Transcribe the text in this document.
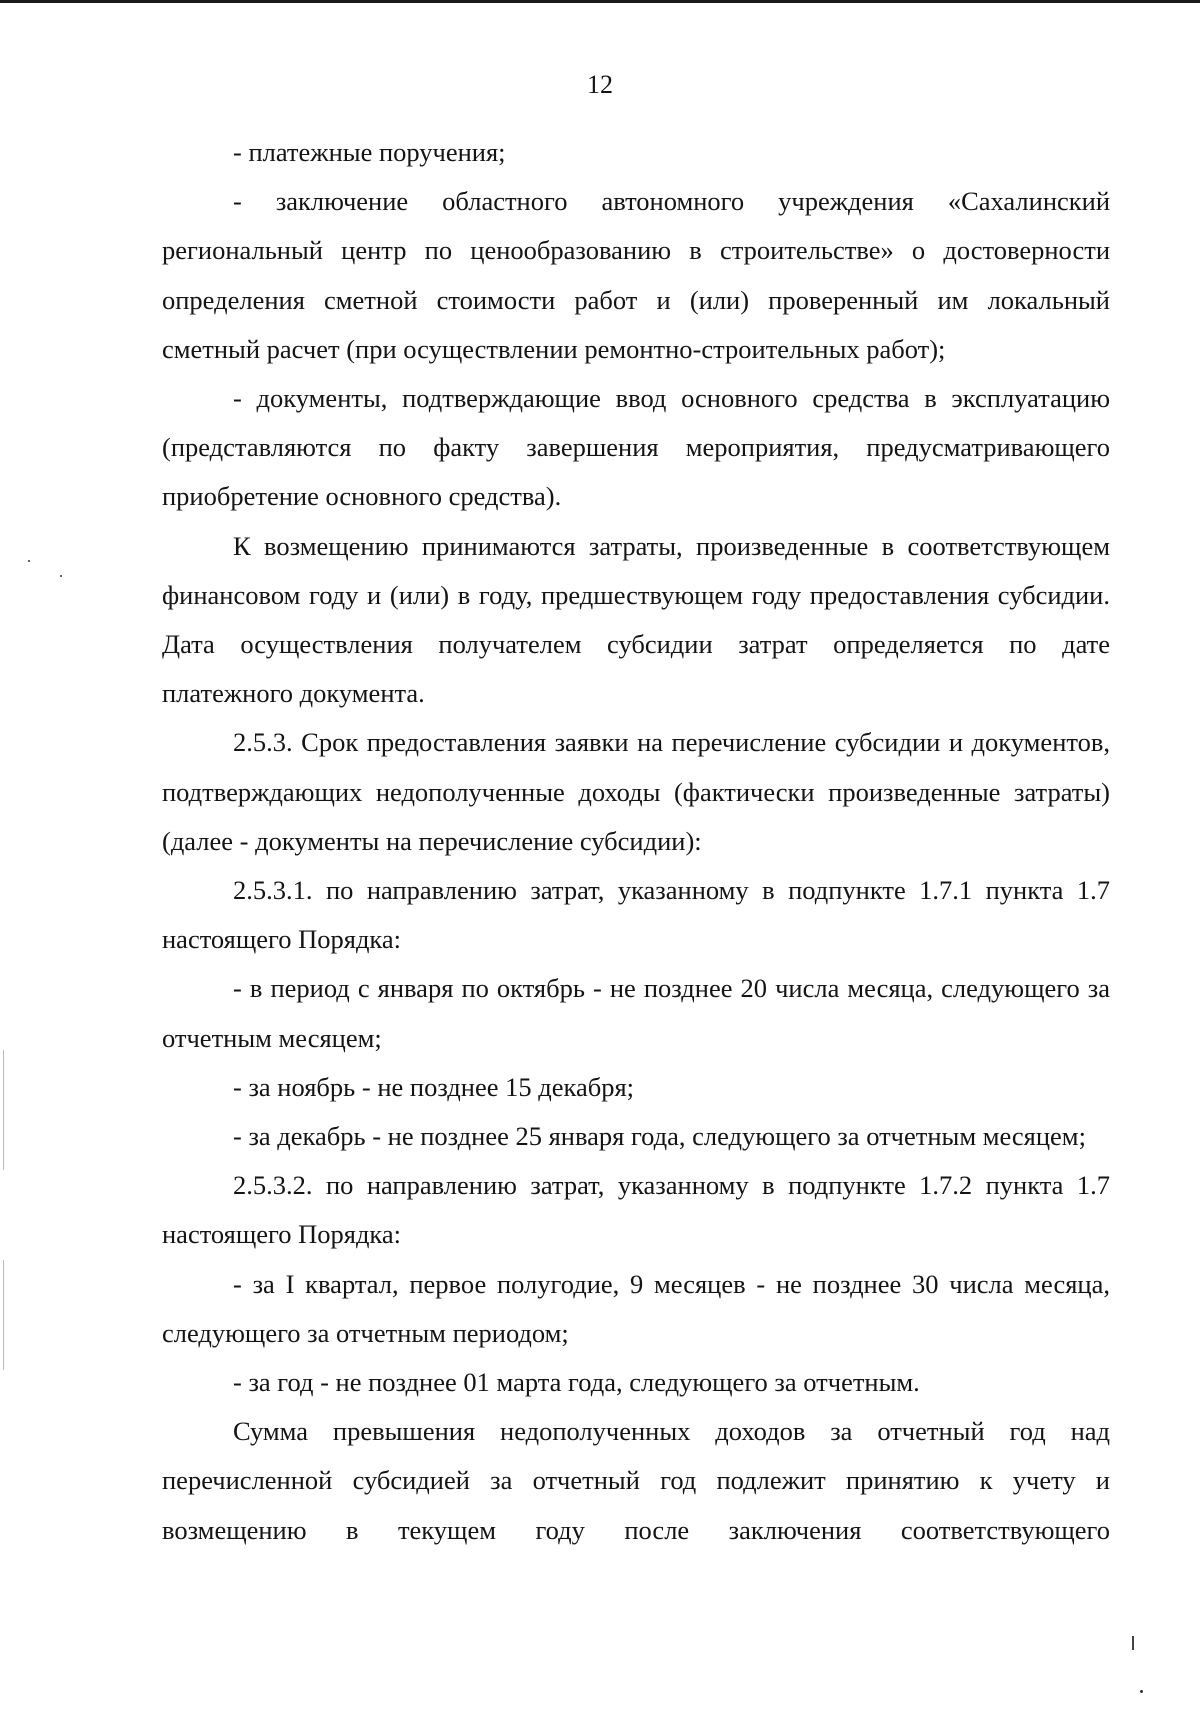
12

- платежные поручения;

- заключение областного автономного учреждения «Сахалинский региональный центр по ценообразованию в строительстве» о достоверности определения сметной стоимости работ и (или) проверенный им локальный сметный расчет (при осуществлении ремонтно-строительных работ);

- документы, подтверждающие ввод основного средства в эксплуатацию (представляются по факту завершения мероприятия, предусматривающего приобретение основного средства).

К возмещению принимаются затраты, произведенные в соответствующем финансовом году и (или) в году, предшествующем году предоставления субсидии. Дата осуществления получателем субсидии затрат определяется по дате платежного документа.

2.5.3. Срок предоставления заявки на перечисление субсидии и документов, подтверждающих недополученные доходы (фактически произведенные затраты) (далее - документы на перечисление субсидии):

2.5.3.1. по направлению затрат, указанному в подпункте 1.7.1 пункта 1.7 настоящего Порядка:

- в период с января по октябрь - не позднее 20 числа месяца, следующего за отчетным месяцем;

- за ноябрь - не позднее 15 декабря;

- за декабрь - не позднее 25 января года, следующего за отчетным месяцем;

2.5.3.2. по направлению затрат, указанному в подпункте 1.7.2 пункта 1.7 настоящего Порядка:

- за I квартал, первое полугодие, 9 месяцев - не позднее 30 числа месяца, следующего за отчетным периодом;

- за год - не позднее 01 марта года, следующего за отчетным.

Сумма превышения недополученных доходов за отчетный год над перечисленной субсидией за отчетный год подлежит принятию к учету и возмещению в текущем году после заключения соответствующего
